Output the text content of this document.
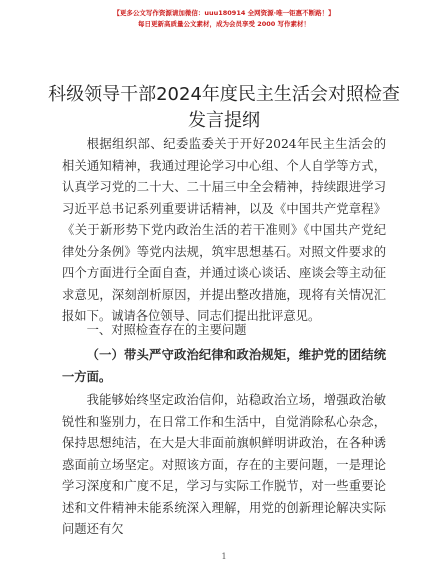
【更多公文写作资源请加微信：uuu180914 全网资源·唯一钜惠不断路！】
每日更新高质量公文素材，成为会员享受 2000 写作素材！
科级领导干部2024年度民主生活会对照检查发言提纲

根据组织部、纪委监委关于开好2024年民主生活会的相关通知精神，我通过理论学习中心组、个人自学等方式，认真学习党的二十大、二十届三中全会精神，持续跟进学习习近平总书记系列重要讲话精神，以及《中国共产党章程》《关于新形势下党内政治生活的若干准则》《中国共产党纪律处分条例》等党内法规，筑牢思想基石。对照文件要求的四个方面进行全面自查，并通过谈心谈话、座谈会等主动征求意见，深刻剖析原因，并提出整改措施，现将有关情况汇报如下。诚请各位领导、同志们提出批评意见。

一、对照检查存在的主要问题

（一）带头严守政治纪律和政治规矩，维护党的团结统一方面。

我能够始终坚定政治信仰，站稳政治立场，增强政治敏锐性和鉴别力，在日常工作和生活中，自觉消除私心杂念，保持思想纯洁，在大是大非面前旗帜鲜明讲政治，在各种诱惑面前立场坚定。对照该方面，存在的主要问题，一是理论学习深度和广度不足，学习与实际工作脱节，对一些重要论述和文件精神未能系统深入理解，用党的创新理论解决实际问题还有欠

1
